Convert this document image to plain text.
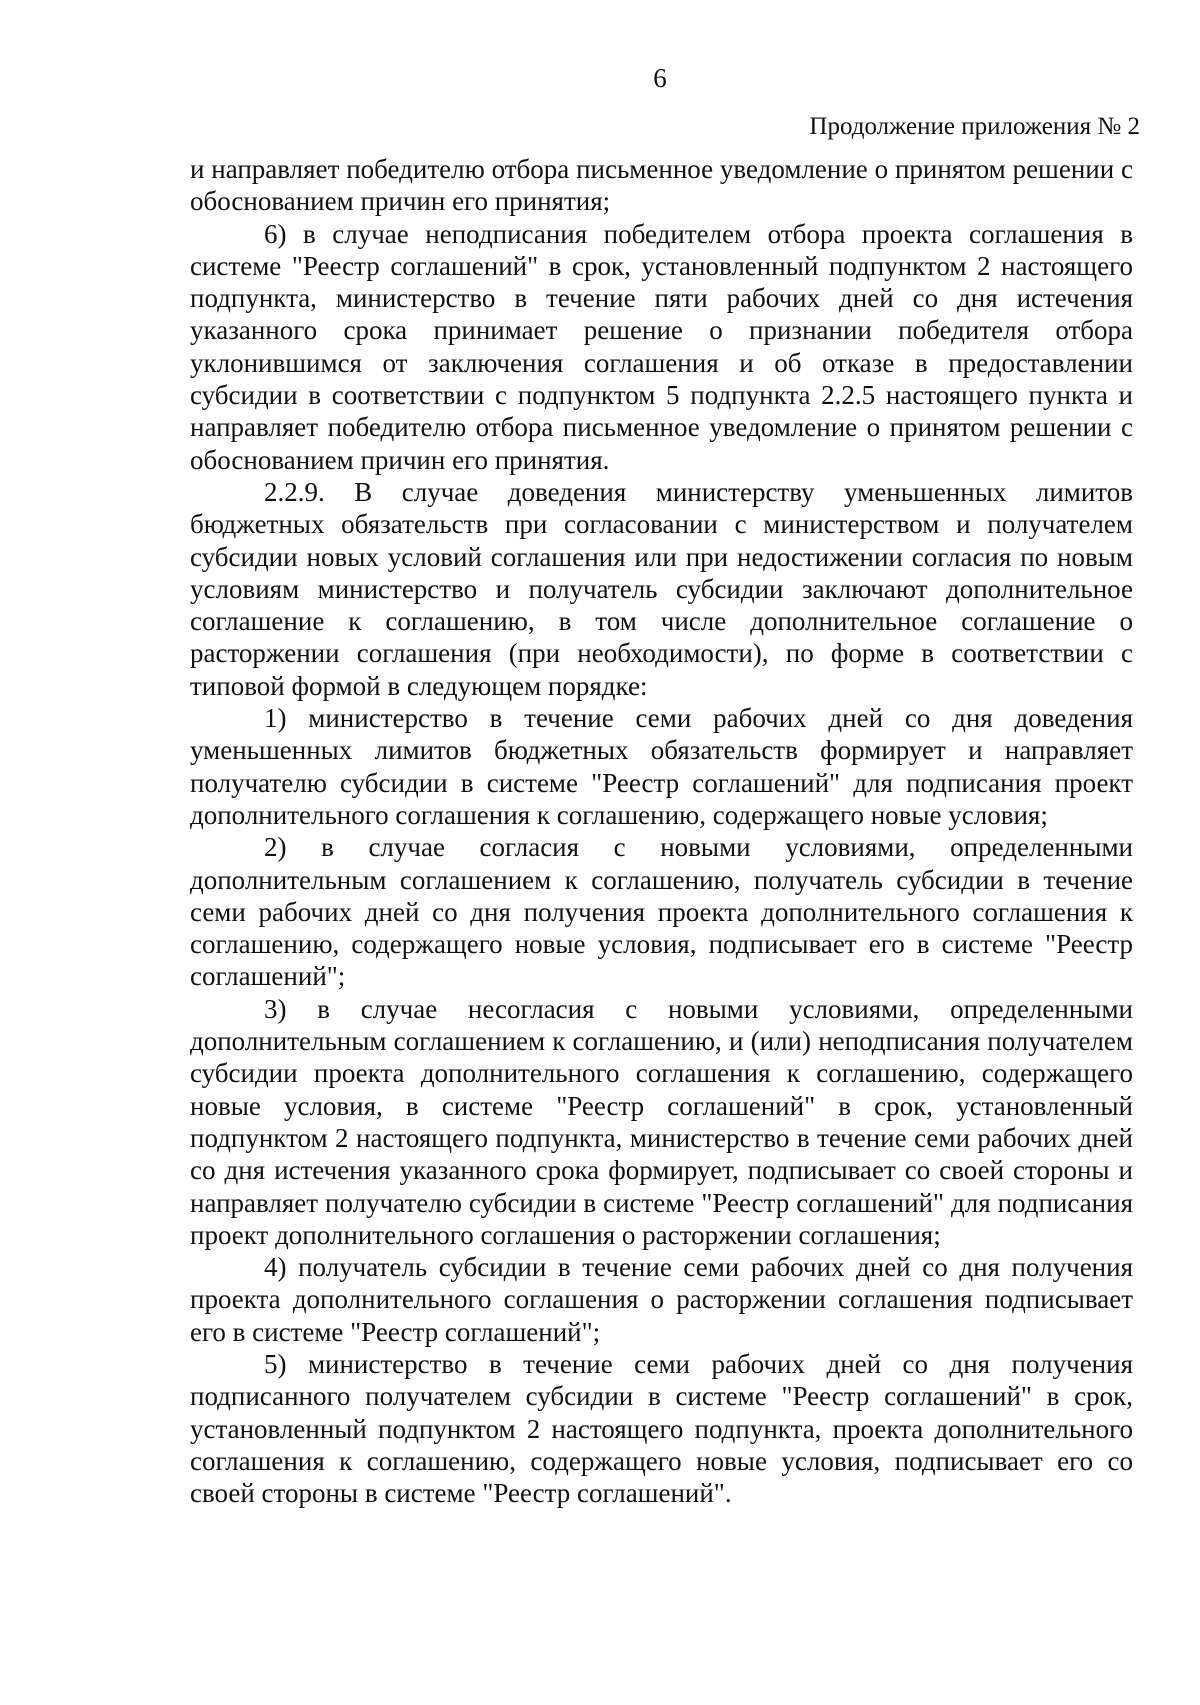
6
Продолжение приложения № 2

и направляет победителю отбора письменное уведомление о принятом решении с обоснованием причин его принятия;

6) в случае неподписания победителем отбора проекта соглашения в системе "Реестр соглашений" в срок, установленный подпунктом 2 настоящего подпункта, министерство в течение пяти рабочих дней со дня истечения указанного срока принимает решение о признании победителя отбора уклонившимся от заключения соглашения и об отказе в предоставлении субсидии в соответствии с подпунктом 5 подпункта 2.2.5 настоящего пункта и направляет победителю отбора письменное уведомление о принятом решении с обоснованием причин его принятия.

2.2.9. В случае доведения министерству уменьшенных лимитов бюджетных обязательств при согласовании с министерством и получателем субсидии новых условий соглашения или при недостижении согласия по новым условиям министерство и получатель субсидии заключают дополнительное соглашение к соглашению, в том числе дополнительное соглашение о расторжении соглашения (при необходимости), по форме в соответствии с типовой формой в следующем порядке:

1) министерство в течение семи рабочих дней со дня доведения уменьшенных лимитов бюджетных обязательств формирует и направляет получателю субсидии в системе "Реестр соглашений" для подписания проект дополнительного соглашения к соглашению, содержащего новые условия;

2) в случае согласия с новыми условиями, определенными дополнительным соглашением к соглашению, получатель субсидии в течение семи рабочих дней со дня получения проекта дополнительного соглашения к соглашению, содержащего новые условия, подписывает его в системе "Реестр соглашений";

3) в случае несогласия с новыми условиями, определенными дополнительным соглашением к соглашению, и (или) неподписания получателем субсидии проекта дополнительного соглашения к соглашению, содержащего новые условия, в системе "Реестр соглашений" в срок, установленный подпунктом 2 настоящего подпункта, министерство в течение семи рабочих дней со дня истечения указанного срока формирует, подписывает со своей стороны и направляет получателю субсидии в системе "Реестр соглашений" для подписания проект дополнительного соглашения о расторжении соглашения;

4) получатель субсидии в течение семи рабочих дней со дня получения проекта дополнительного соглашения о расторжении соглашения подписывает его в системе "Реестр соглашений";

5) министерство в течение семи рабочих дней со дня получения подписанного получателем субсидии в системе "Реестр соглашений" в срок, установленный подпунктом 2 настоящего подпункта, проекта дополнительного соглашения к соглашению, содержащего новые условия, подписывает его со своей стороны в системе "Реестр соглашений".
